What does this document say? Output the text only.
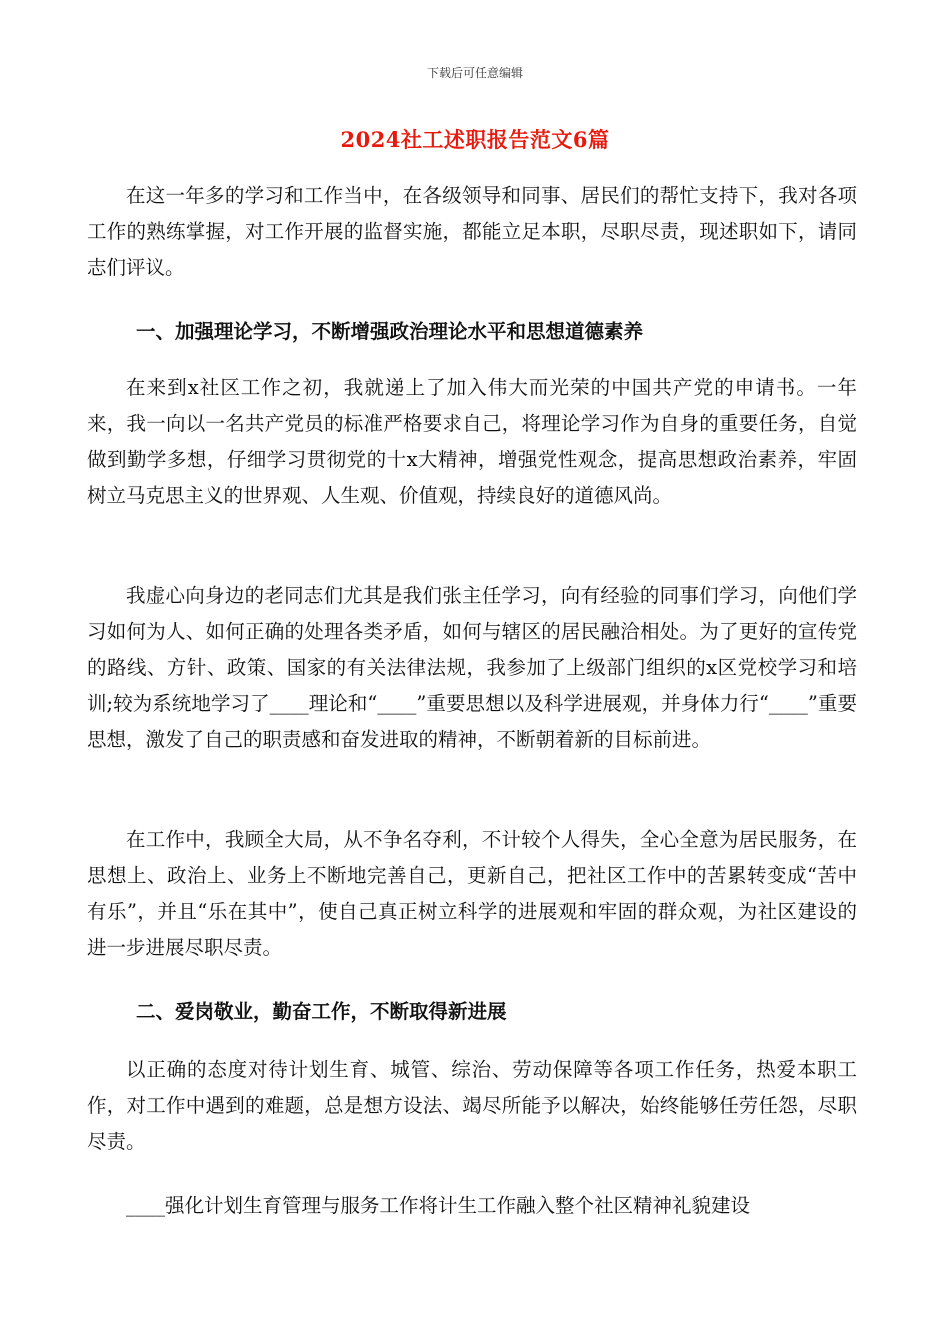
下载后可任意编辑
2024社工述职报告范文6篇
在这一年多的学习和工作当中，在各级领导和同事、居民们的帮忙支持下，我对各项工作的熟练掌握，对工作开展的监督实施，都能立足本职，尽职尽责，现述职如下，请同志们评议。
一、加强理论学习，不断增强政治理论水平和思想道德素养
在来到x社区工作之初，我就递上了加入伟大而光荣的中国共产党的申请书。一年来，我一向以一名共产党员的标准严格要求自己，将理论学习作为自身的重要任务，自觉做到勤学多想，仔细学习贯彻党的十x大精神，增强党性观念，提高思想政治素养，牢固树立马克思主义的世界观、人生观、价值观，持续良好的道德风尚。
我虚心向身边的老同志们尤其是我们张主任学习，向有经验的同事们学习，向他们学习如何为人、如何正确的处理各类矛盾，如何与辖区的居民融洽相处。为了更好的宣传党的路线、方针、政策、国家的有关法律法规，我参加了上级部门组织的x区党校学习和培训;较为系统地学习了____理论和“____”重要思想以及科学进展观，并身体力行“____”重要思想，激发了自己的职责感和奋发进取的精神，不断朝着新的目标前进。
在工作中，我顾全大局，从不争名夺利，不计较个人得失，全心全意为居民服务，在思想上、政治上、业务上不断地完善自己，更新自己，把社区工作中的苦累转变成“苦中有乐”，并且“乐在其中”，使自己真正树立科学的进展观和牢固的群众观，为社区建设的进一步进展尽职尽责。
二、爱岗敬业，勤奋工作，不断取得新进展
以正确的态度对待计划生育、城管、综治、劳动保障等各项工作任务，热爱本职工作，对工作中遇到的难题，总是想方设法、竭尽所能予以解决，始终能够任劳任怨，尽职尽责。
____强化计划生育管理与服务工作将计生工作融入整个社区精神礼貌建设
